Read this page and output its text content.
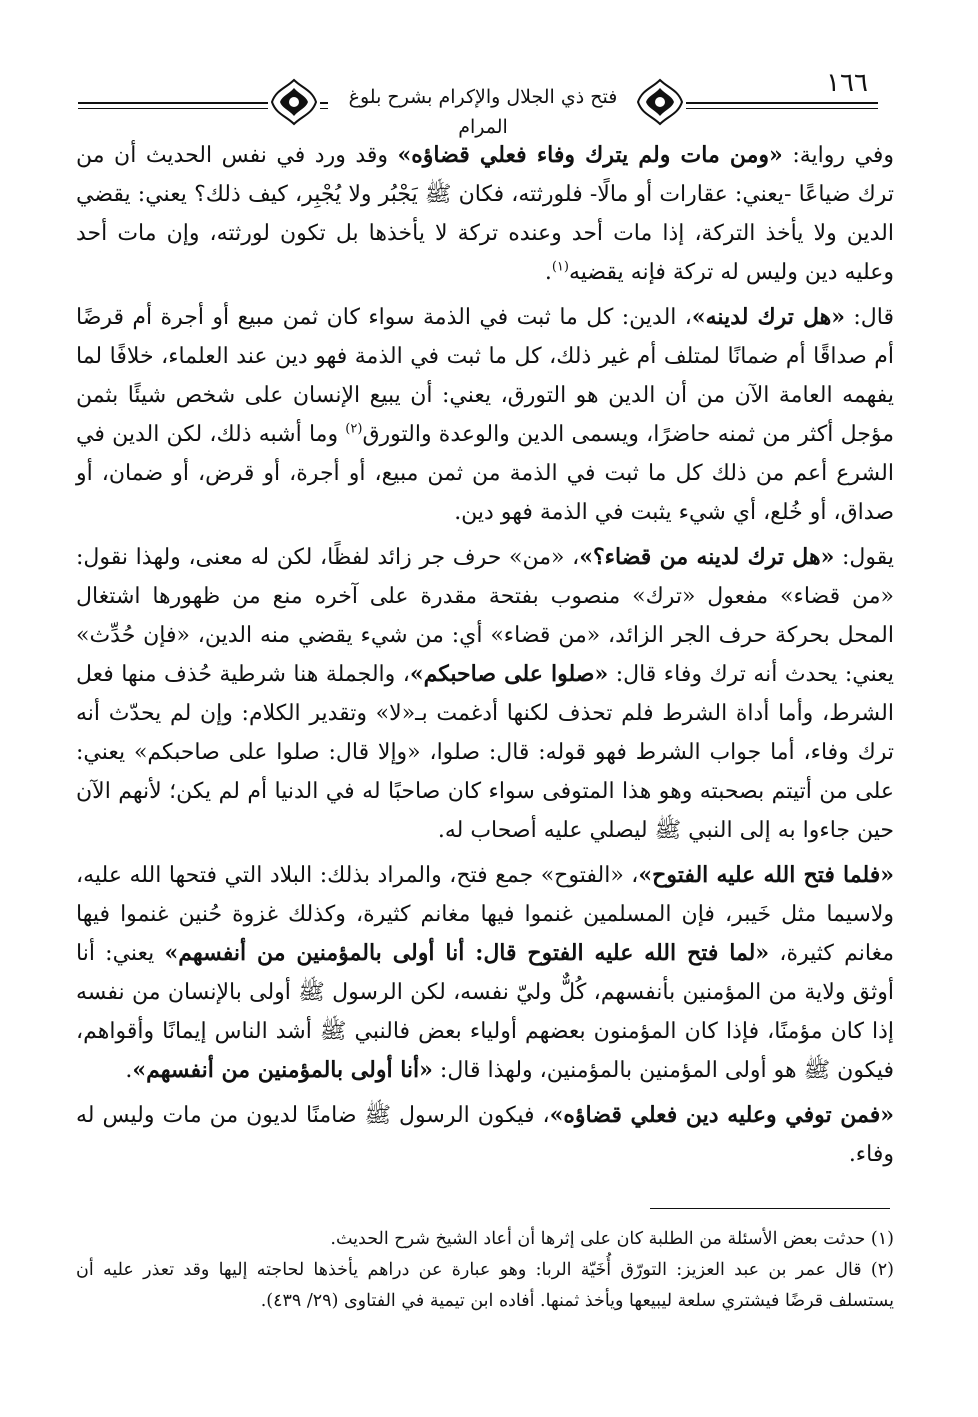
١٦٦
فتح ذي الجلال والإكرام بشرح بلوغ المرام

وفي رواية: «ومن مات ولم يترك وفاء فعلي قضاؤه» وقد ورد في نفس الحديث أن من ترك ضياعًا -يعني: عقارات أو مالًا- فلورثته، فكان ﷺ يَجْبُر ولا يُجْبِر، كيف ذلك؟ يعني: يقضي الدين ولا يأخذ التركة، إذا مات أحد وعنده تركة لا يأخذها بل تكون لورثته، وإن مات أحد وعليه دين وليس له تركة فإنه يقضيه$^{(١)}$.

قال: «هل ترك لدينه»، الدين: كل ما ثبت في الذمة سواء كان ثمن مبيع أو أجرة أم قرضًا أم صداقًا أم ضمانًا لمتلف أم غير ذلك، كل ما ثبت في الذمة فهو دين عند العلماء، خلافًا لما يفهمه العامة الآن من أن الدين هو التورق، يعني: أن يبيع الإنسان على شخص شيئًا بثمن مؤجل أكثر من ثمنه حاضرًا، ويسمى الدين والوعدة والتورق$^{(٢)}$ وما أشبه ذلك، لكن الدين في الشرع أعم من ذلك كل ما ثبت في الذمة من ثمن مبيع، أو أجرة، أو قرض، أو ضمان، أو صداق، أو خُلع، أي شيء يثبت في الذمة فهو دين.

يقول: «هل ترك لدينه من قضاء؟»، «من» حرف جر زائد لفظًا، لكن له معنى، ولهذا نقول: «من قضاء» مفعول «ترك» منصوب بفتحة مقدرة على آخره منع من ظهورها اشتغال المحل بحركة حرف الجر الزائد، «من قضاء» أي: من شيء يقضي منه الدين، «فإن حُدِّث» يعني: يحدث أنه ترك وفاء قال: «صلوا على صاحبكم»، والجملة هنا شرطية حُذف منها فعل الشرط، وأما أداة الشرط فلم تحذف لكنها أدغمت بـ«لا» وتقدير الكلام: وإن لم يحدّث أنه ترك وفاء، أما جواب الشرط فهو قوله: قال: صلوا، «وإلا قال: صلوا على صاحبكم» يعني: على من أتيتم بصحبته وهو هذا المتوفى سواء كان صاحبًا له في الدنيا أم لم يكن؛ لأنهم الآن حين جاءوا به إلى النبي ﷺ ليصلي عليه أصحاب له.

«فلما فتح الله عليه الفتوح»، «الفتوح» جمع فتح، والمراد بذلك: البلاد التي فتحها الله عليه، ولاسيما مثل خَيبر، فإن المسلمين غنموا فيها مغانم كثيرة، وكذلك غزوة حُنين غنموا فيها مغانم كثيرة، «لما فتح الله عليه الفتوح قال: أنا أولى بالمؤمنين من أنفسهم» يعني: أنا أوثق ولاية من المؤمنين بأنفسهم، كُلٌّ وليّ نفسه، لكن الرسول ﷺ أولى بالإنسان من نفسه إذا كان مؤمنًا، فإذا كان المؤمنون بعضهم أولياء بعض فالنبي ﷺ أشد الناس إيمانًا وأقواهم، فيكون ﷺ هو أولى المؤمنين بالمؤمنين، ولهذا قال: «أنا أولى بالمؤمنين من أنفسهم».

«فمن توفي وعليه دين فعلي قضاؤه»، فيكون الرسول ﷺ ضامنًا لديون من مات وليس له وفاء.

(١) حدثت بعض الأسئلة من الطلبة كان على إثرها أن أعاد الشيخ شرح الحديث.

(٢) قال عمر بن عبد العزيز: التورّق أُخَيّة الربا: وهو عبارة عن دراهم يأخذها لحاجته إليها وقد تعذر عليه أن يستسلف قرضًا فيشتري سلعة ليبيعها ويأخذ ثمنها. أفاده ابن تيمية في الفتاوى (٢٩/ ٤٣٩).
